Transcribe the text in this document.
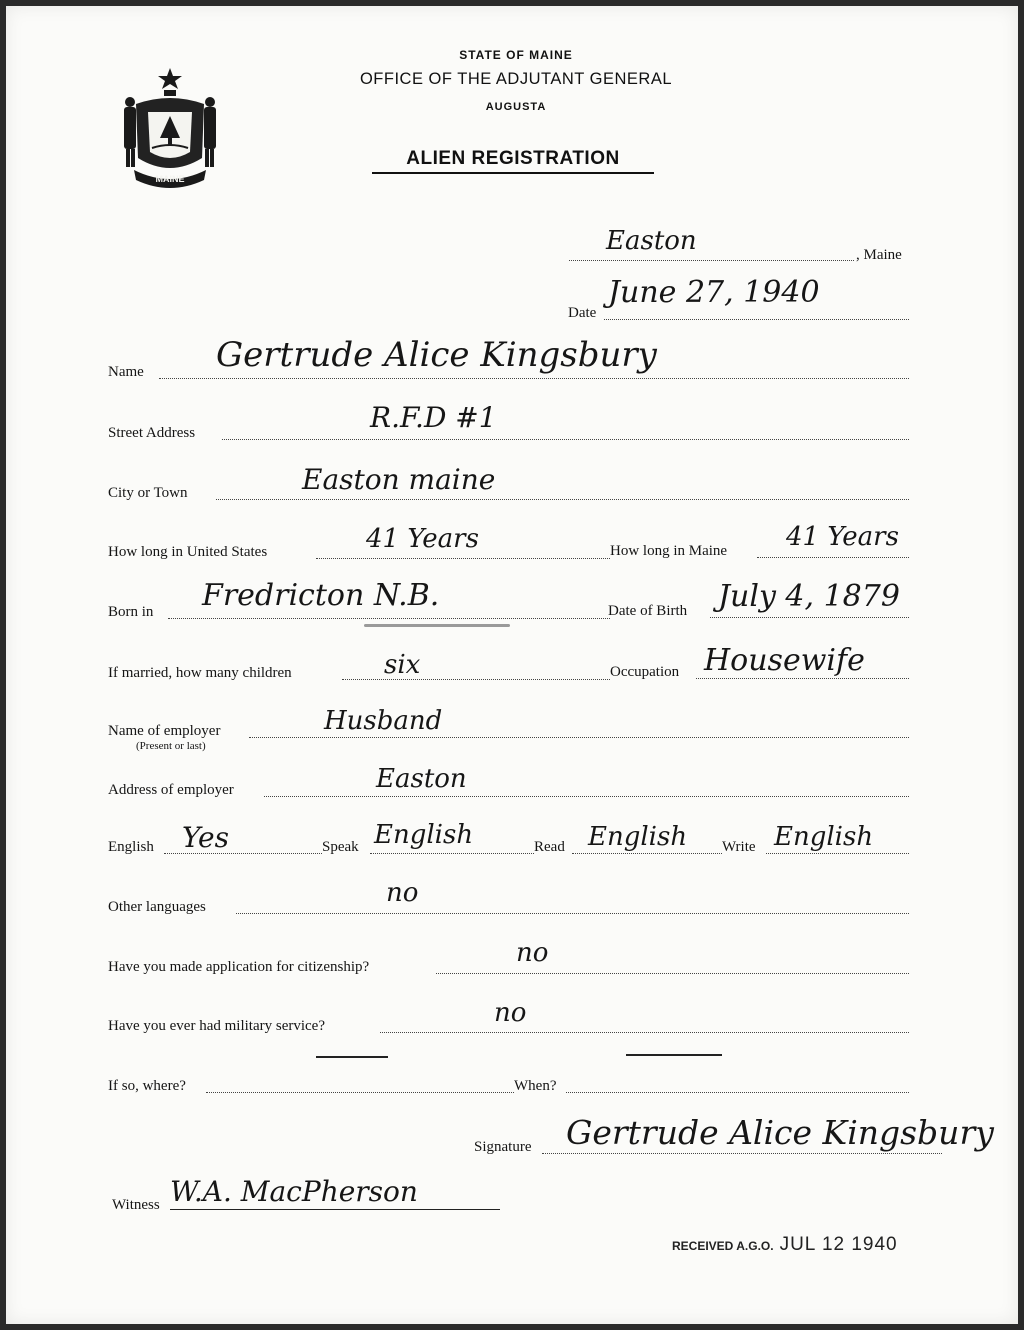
MAINE
STATE OF MAINE
OFFICE OF THE ADJUTANT GENERAL
AUGUSTA
ALIEN REGISTRATION
Easton	, Maine
Date
June 27, 1940
Name Gertrude Alice Kingsbury
Street Address	R.F.D #1
City or Town	Easton maine
How long in United States	41 Years	How long in Maine 41 Years
Born in Fredricton N.B.	Date of Birth July 4, 1879
If married, how many children	six	Occupation Housewife
Name of employer
(Present or last)
Husband
Address of employer	Easton
English Yes	Speak English	Read English Write English
Other languages	no
Have you made application for citizenship?	no
Have you ever had military service?	no
If so, where?	When?
Signature Gertrude Alice Kingsbury
Witness W.A. MacPherson
RECEIVED A.G.O. JUL 12 1940
